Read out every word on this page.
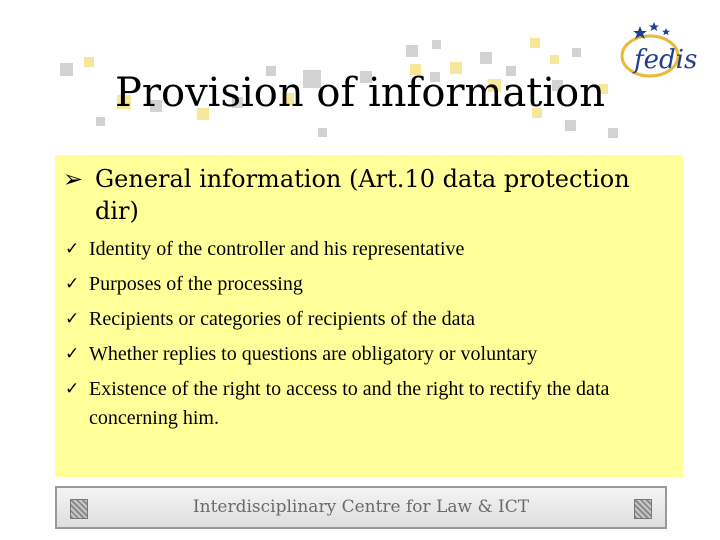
fedis
Provision of information
➢ General information (Art.10 data protection dir)
✓ Identity of the controller and his representative
✓ Purposes of the processing
✓ Recipients or categories of recipients of the data
✓ Whether replies to questions are obligatory or voluntary
✓ Existence of the right to access to and the right to rectify the data concerning him.
Interdisciplinary Centre for Law & ICT
